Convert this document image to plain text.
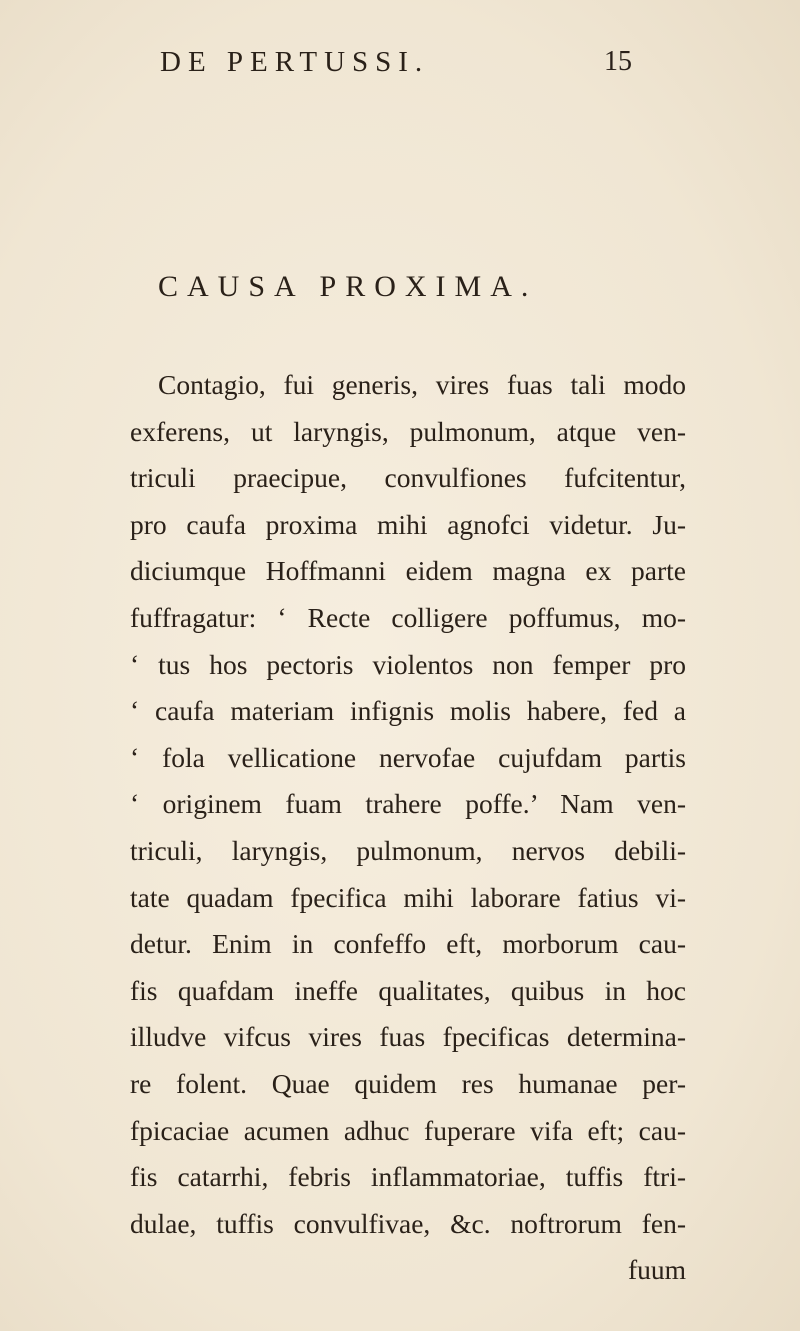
DE PERTUSSI.	15
CAUSA PROXIMA.
Contagio, fui generis, vires fuas tali modo
exferens, ut laryngis, pulmonum, atque ven-
triculi praecipue, convulfiones fufcitentur,
pro caufa proxima mihi agnofci videtur. Ju-
diciumque Hoffmanni eidem magna ex parte
fuffragatur: ‘ Recte colligere poffumus, mo-
‘ tus hos pectoris violentos non femper pro
‘ caufa materiam infignis molis habere, fed a
‘ fola vellicatione nervofae cujufdam partis
‘ originem fuam trahere poffe.’ Nam ven-
triculi, laryngis, pulmonum, nervos debili-
tate quadam fpecifica mihi laborare fatius vi-
detur. Enim in confeffo eft, morborum cau-
fis quafdam ineffe qualitates, quibus in hoc
illudve vifcus vires fuas fpecificas determina-
re folent. Quae quidem res humanae per-
fpicaciae acumen adhuc fuperare vifa eft; cau-
fis catarrhi, febris inflammatoriae, tuffis ftri-
dulae, tuffis convulfivae, &c. noftrorum fen-
fuum
